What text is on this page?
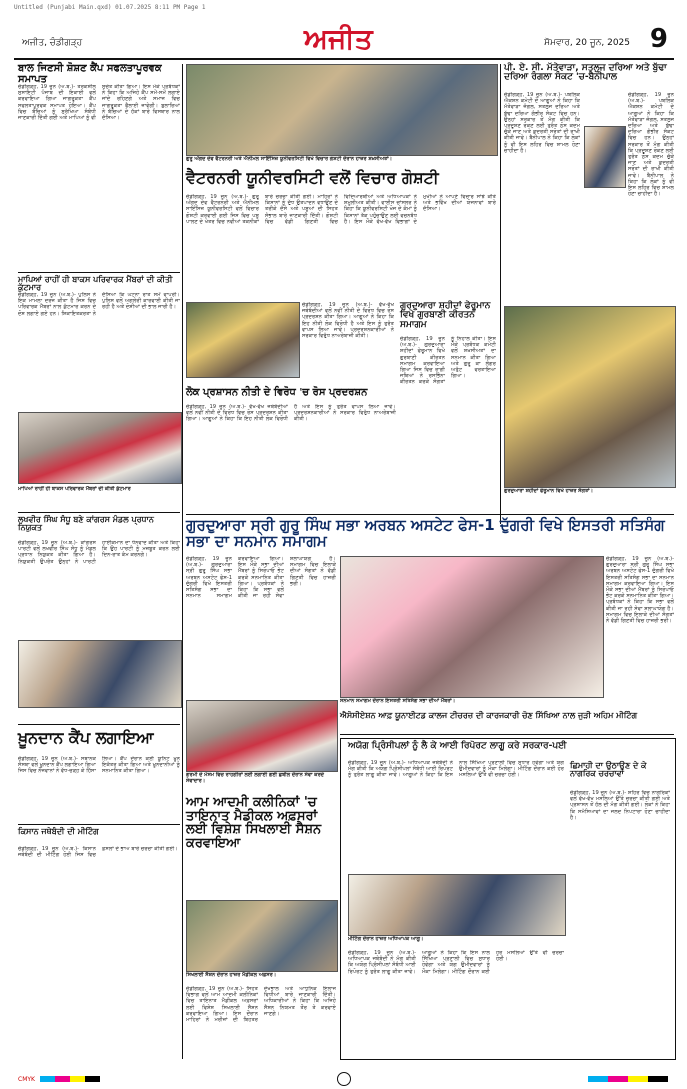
Untitled (Punjabi Main.qxd) 01.07.2025 8:11 PM Page 1
ਅਜੀਤ, ਚੰਡੀਗੜ੍ਹ	ਅਜੀਤ	ਸੋਮਵਾਰ, 20 ਜੂਨ, 2025 9
ਬਾਲ ਜਿਣਸੀ ਸ਼ੋਸ਼ਣ ਕੈਂਪ ਸਫਲਤਾਪੂਰਵਕ ਸਮਾਪਤ
ਚੰਡੀਗੜ੍ਹ, 19 ਜੂਨ (ਅ.ਬ.)- ਤਰਕਸ਼ੀਲ ਸੁਸਾਇਟੀ ਪੰਜਾਬ ਦੀ ਇਕਾਈ ਵਲੋਂ ਕਰਵਾਇਆ ਗਿਆ ਜਾਗਰੂਕਤਾ ਕੈਂਪ ਸਫਲਤਾਪੂਰਵਕ ਸਮਾਪਤ ਹੋਇਆ। ਕੈਂਪ ਵਿਚ ਬੱਚਿਆਂ ਨੂੰ ਸੁਰੱਖਿਆ ਸੰਬੰਧੀ ਜਾਣਕਾਰੀ ਦਿੱਤੀ ਗਈ ਅਤੇ ਮਾਪਿਆਂ ਨੂੰ ਵੀ ਸੁਚੇਤ ਕੀਤਾ ਗਿਆ। ਇਸ ਮੌਕੇ ਪ੍ਰਬੰਧਕਾਂ ਨੇ ਕਿਹਾ ਕਿ ਅਜਿਹੇ ਕੈਂਪ ਸਮੇਂ-ਸਮੇਂ ਲਗਾਏ ਜਾਂਦੇ ਰਹਿਣਗੇ ਅਤੇ ਸਮਾਜ ਵਿਚ ਜਾਗਰੂਕਤਾ ਫੈਲਾਈ ਜਾਵੇਗੀ। ਬੁਲਾਰਿਆਂ ਨੇ ਬੱਚਿਆਂ ਦੇ ਹੱਕਾਂ ਬਾਰੇ ਵਿਸਥਾਰ ਨਾਲ ਦੱਸਿਆ।
ਮਾਪਿਆਂ ਰਾਹੀਂ ਹੀ ਬਾਕਸ ਪਰਿਵਾਰਕ ਮੈਂਬਰਾਂ ਦੀ ਕੀਤੀ ਕੁੱਟਮਾਰ
ਚੰਡੀਗੜ੍ਹ, 19 ਜੂਨ (ਅ.ਬ.)- ਪੁਲਿਸ ਨੇ ਇਕ ਮਾਮਲਾ ਦਰਜ ਕੀਤਾ ਹੈ ਜਿਸ ਵਿਚ ਪਰਿਵਾਰਕ ਮੈਂਬਰਾਂ ਨਾਲ ਕੁੱਟਮਾਰ ਕਰਨ ਦੇ ਦੋਸ਼ ਲਗਾਏ ਗਏ ਹਨ। ਸ਼ਿਕਾਇਤਕਰਤਾ ਨੇ ਦੱਸਿਆ ਕਿ ਘਟਨਾ ਰਾਤ ਸਮੇਂ ਵਾਪਰੀ। ਪੁਲਿਸ ਵਲੋਂ ਅਗਲੇਰੀ ਕਾਰਵਾਈ ਕੀਤੀ ਜਾ ਰਹੀ ਹੈ ਅਤੇ ਦੋਸ਼ੀਆਂ ਦੀ ਭਾਲ ਜਾਰੀ ਹੈ।
ਮਾਪਿਆਂ ਰਾਹੀਂ ਹੀ ਬਾਕਸ ਪਰਿਵਾਰਕ ਮੈਂਬਰਾਂ ਦੀ ਕੀਤੀ ਕੁੱਟਮਾਰ
ਲਖਵੀਰ ਸਿੰਘ ਸੰਧੂ ਬਣੇ ਕਾਂਗਰਸ ਮੰਡਲ ਪ੍ਰਧਾਨ ਨਿਯੁਕਤ
ਚੰਡੀਗੜ੍ਹ, 19 ਜੂਨ (ਅ.ਬ.)- ਕਾਂਗਰਸ ਪਾਰਟੀ ਵਲੋਂ ਲਖਵੀਰ ਸਿੰਘ ਸੰਧੂ ਨੂੰ ਮੰਡਲ ਪ੍ਰਧਾਨ ਨਿਯੁਕਤ ਕੀਤਾ ਗਿਆ ਹੈ। ਨਿਯੁਕਤੀ ਉਪਰੰਤ ਉਨ੍ਹਾਂ ਨੇ ਪਾਰਟੀ ਹਾਈਕਮਾਨ ਦਾ ਧੰਨਵਾਦ ਕੀਤਾ ਅਤੇ ਕਿਹਾ ਕਿ ਉਹ ਪਾਰਟੀ ਨੂੰ ਮਜ਼ਬੂਤ ਕਰਨ ਲਈ ਦਿਨ-ਰਾਤ ਕੰਮ ਕਰਨਗੇ।
ਖ਼ੂਨਦਾਨ ਕੈਂਪ ਲਗਾਇਆ
ਚੰਡੀਗੜ੍ਹ, 19 ਜੂਨ (ਅ.ਬ.)- ਸਥਾਨਕ ਸੰਸਥਾ ਵਲੋਂ ਖ਼ੂਨਦਾਨ ਕੈਂਪ ਲਗਾਇਆ ਗਿਆ ਜਿਸ ਵਿਚ ਨੌਜਵਾਨਾਂ ਨੇ ਵੱਧ-ਚੜ੍ਹ ਕੇ ਹਿੱਸਾ ਲਿਆ। ਕੈਂਪ ਦੌਰਾਨ ਕਈ ਯੂਨਿਟ ਖ਼ੂਨ ਇਕੱਤਰ ਕੀਤਾ ਗਿਆ ਅਤੇ ਖ਼ੂਨਦਾਨੀਆਂ ਨੂੰ ਸਨਮਾਨਿਤ ਕੀਤਾ ਗਿਆ।
ਕਿਸਾਨ ਜਥੇਬੰਦੀ ਦੀ ਮੀਟਿੰਗ
ਚੰਡੀਗੜ੍ਹ, 19 ਜੂਨ (ਅ.ਬ.)- ਕਿਸਾਨ ਜਥੇਬੰਦੀ ਦੀ ਮੀਟਿੰਗ ਹੋਈ ਜਿਸ ਵਿਚ ਫ਼ਸਲਾਂ ਦੇ ਭਾਅ ਬਾਰੇ ਚਰਚਾ ਕੀਤੀ ਗਈ।
ਗੁਰੂ ਅੰਗਦ ਦੇਵ ਵੈਟਰਨਰੀ ਅਤੇ ਐਨੀਮਲ ਸਾਇੰਸਿਜ਼ ਯੂਨੀਵਰਸਿਟੀ ਵਿਖੇ ਵਿਚਾਰ ਗੋਸ਼ਟੀ ਦੌਰਾਨ ਹਾਜ਼ਰ ਸ਼ਖ਼ਸੀਅਤਾਂ।
ਵੈਟਰਨਰੀ ਯੂਨੀਵਰਸਿਟੀ ਵਲੋਂ ਵਿਚਾਰ ਗੋਸ਼ਟੀ
ਚੰਡੀਗੜ੍ਹ, 19 ਜੂਨ (ਅ.ਬ.)- ਗੁਰੂ ਅੰਗਦ ਦੇਵ ਵੈਟਰਨਰੀ ਅਤੇ ਐਨੀਮਲ ਸਾਇੰਸਿਜ਼ ਯੂਨੀਵਰਸਿਟੀ ਵਲੋਂ ਵਿਚਾਰ ਗੋਸ਼ਟੀ ਕਰਵਾਈ ਗਈ ਜਿਸ ਵਿਚ ਪਸ਼ੂ ਪਾਲਣ ਦੇ ਖੇਤਰ ਵਿਚ ਨਵੀਆਂ ਤਕਨੀਕਾਂ ਬਾਰੇ ਚਰਚਾ ਕੀਤੀ ਗਈ। ਮਾਹਿਰਾਂ ਨੇ ਕਿਸਾਨਾਂ ਨੂੰ ਦੁੱਧ ਉਤਪਾਦਨ ਵਧਾਉਣ ਦੇ ਤਰੀਕੇ ਦੱਸੇ ਅਤੇ ਪਸ਼ੂਆਂ ਦੀ ਸਿਹਤ ਸੰਭਾਲ ਬਾਰੇ ਜਾਣਕਾਰੀ ਦਿੱਤੀ। ਗੋਸ਼ਟੀ ਵਿਚ ਵੱਡੀ ਗਿਣਤੀ ਵਿਚ ਵਿਦਿਆਰਥੀਆਂ ਅਤੇ ਅਧਿਆਪਕਾਂ ਨੇ ਸ਼ਮੂਲੀਅਤ ਕੀਤੀ। ਵਾਈਸ ਚਾਂਸਲਰ ਨੇ ਕਿਹਾ ਕਿ ਯੂਨੀਵਰਸਿਟੀ ਖੋਜ ਦੇ ਕੰਮਾਂ ਨੂੰ ਕਿਸਾਨਾਂ ਤੱਕ ਪਹੁੰਚਾਉਣ ਲਈ ਵਚਨਬੱਧ ਹੈ। ਇਸ ਮੌਕੇ ਵੱਖ-ਵੱਖ ਵਿਭਾਗਾਂ ਦੇ ਮੁਖੀਆਂ ਨੇ ਆਪਣੇ ਵਿਚਾਰ ਸਾਂਝੇ ਕੀਤੇ ਅਤੇ ਭਵਿੱਖ ਦੀਆਂ ਯੋਜਨਾਵਾਂ ਬਾਰੇ ਦੱਸਿਆ।
ਚੰਡੀਗੜ੍ਹ, 19 ਜੂਨ (ਅ.ਬ.)- ਵੱਖ-ਵੱਖ ਜਥੇਬੰਦੀਆਂ ਵਲੋਂ ਨਵੀਂ ਨੀਤੀ ਦੇ ਵਿਰੋਧ ਵਿਚ ਰੋਸ ਪ੍ਰਦਰਸ਼ਨ ਕੀਤਾ ਗਿਆ। ਆਗੂਆਂ ਨੇ ਕਿਹਾ ਕਿ ਇਹ ਨੀਤੀ ਲੋਕ ਵਿਰੋਧੀ ਹੈ ਅਤੇ ਇਸ ਨੂੰ ਤੁਰੰਤ ਵਾਪਸ ਲਿਆ ਜਾਵੇ। ਪ੍ਰਦਰਸ਼ਨਕਾਰੀਆਂ ਨੇ ਸਰਕਾਰ ਵਿਰੁੱਧ ਨਾਅਰੇਬਾਜ਼ੀ ਕੀਤੀ।
ਲੋਕ ਪ੍ਰਸ਼ਾਸਨ ਨੀਤੀ ਦੇ ਵਿਰੋਧ 'ਚ ਰੋਸ ਪ੍ਰਦਰਸ਼ਨ
ਚੰਡੀਗੜ੍ਹ, 19 ਜੂਨ (ਅ.ਬ.)- ਵੱਖ-ਵੱਖ ਜਥੇਬੰਦੀਆਂ ਵਲੋਂ ਨਵੀਂ ਨੀਤੀ ਦੇ ਵਿਰੋਧ ਵਿਚ ਰੋਸ ਪ੍ਰਦਰਸ਼ਨ ਕੀਤਾ ਗਿਆ। ਆਗੂਆਂ ਨੇ ਕਿਹਾ ਕਿ ਇਹ ਨੀਤੀ ਲੋਕ ਵਿਰੋਧੀ ਹੈ ਅਤੇ ਇਸ ਨੂੰ ਤੁਰੰਤ ਵਾਪਸ ਲਿਆ ਜਾਵੇ। ਪ੍ਰਦਰਸ਼ਨਕਾਰੀਆਂ ਨੇ ਸਰਕਾਰ ਵਿਰੁੱਧ ਨਾਅਰੇਬਾਜ਼ੀ ਕੀਤੀ।
ਗੁਰਦੁਆਰਾ ਸ਼ਹੀਦਾਂ ਫੇਰੂਮਾਨ ਵਿਖੇ ਗੁਰਬਾਣੀ ਕੀਰਤਨ ਸਮਾਗਮ
ਚੰਡੀਗੜ੍ਹ, 19 ਜੂਨ (ਅ.ਬ.)- ਗੁਰਦੁਆਰਾ ਸ਼ਹੀਦਾਂ ਫੇਰੂਮਾਨ ਵਿਖੇ ਗੁਰਬਾਣੀ ਕੀਰਤਨ ਸਮਾਗਮ ਕਰਵਾਇਆ ਗਿਆ ਜਿਸ ਵਿਚ ਰਾਗੀ ਜਥਿਆਂ ਨੇ ਰਸਭਿੰਨਾ ਕੀਰਤਨ ਕਰਕੇ ਸੰਗਤਾਂ ਨੂੰ ਨਿਹਾਲ ਕੀਤਾ। ਇਸ ਮੌਕੇ ਪ੍ਰਬੰਧਕ ਕਮੇਟੀ ਵਲੋਂ ਸ਼ਖ਼ਸੀਅਤਾਂ ਦਾ ਸਨਮਾਨ ਕੀਤਾ ਗਿਆ ਅਤੇ ਗੁਰੂ ਕਾ ਲੰਗਰ ਅਤੁੱਟ ਵਰਤਾਇਆ ਗਿਆ।
ਪੀ. ਏ. ਸੀ. ਮੱਤੇਵਾੜਾ, ਸਤਲੁਜ ਦਰਿਆ ਅਤੇ ਬੁੱਢਾ ਦਰਿਆ ਰੰਗਲਾ ਸੰਕਟ 'ਚ-ਬੈਨੀਪਾਲ
ਚੰਡੀਗੜ੍ਹ, 19 ਜੂਨ (ਅ.ਬ.)- ਪਬਲਿਕ ਐਕਸ਼ਨ ਕਮੇਟੀ ਦੇ ਆਗੂਆਂ ਨੇ ਕਿਹਾ ਕਿ ਮੱਤੇਵਾੜਾ ਜੰਗਲ, ਸਤਲੁਜ ਦਰਿਆ ਅਤੇ ਬੁੱਢਾ ਦਰਿਆ ਗੰਭੀਰ ਸੰਕਟ ਵਿਚ ਹਨ। ਉਨ੍ਹਾਂ ਸਰਕਾਰ ਤੋਂ ਮੰਗ ਕੀਤੀ ਕਿ ਪ੍ਰਦੂਸ਼ਣ ਰੋਕਣ ਲਈ ਤੁਰੰਤ ਠੋਸ ਕਦਮ ਚੁੱਕੇ ਜਾਣ ਅਤੇ ਕੁਦਰਤੀ ਸਰੋਤਾਂ ਦੀ ਰਾਖੀ ਕੀਤੀ ਜਾਵੇ। ਬੈਨੀਪਾਲ ਨੇ ਕਿਹਾ ਕਿ ਲੋਕਾਂ ਨੂੰ ਵੀ ਇਸ ਲਹਿਰ ਵਿਚ ਸ਼ਾਮਲ ਹੋਣਾ ਚਾਹੀਦਾ ਹੈ।
ਚੰਡੀਗੜ੍ਹ, 19 ਜੂਨ (ਅ.ਬ.)- ਪਬਲਿਕ ਐਕਸ਼ਨ ਕਮੇਟੀ ਦੇ ਆਗੂਆਂ ਨੇ ਕਿਹਾ ਕਿ ਮੱਤੇਵਾੜਾ ਜੰਗਲ, ਸਤਲੁਜ ਦਰਿਆ ਅਤੇ ਬੁੱਢਾ ਦਰਿਆ ਗੰਭੀਰ ਸੰਕਟ ਵਿਚ ਹਨ। ਉਨ੍ਹਾਂ ਸਰਕਾਰ ਤੋਂ ਮੰਗ ਕੀਤੀ ਕਿ ਪ੍ਰਦੂਸ਼ਣ ਰੋਕਣ ਲਈ ਤੁਰੰਤ ਠੋਸ ਕਦਮ ਚੁੱਕੇ ਜਾਣ ਅਤੇ ਕੁਦਰਤੀ ਸਰੋਤਾਂ ਦੀ ਰਾਖੀ ਕੀਤੀ ਜਾਵੇ। ਬੈਨੀਪਾਲ ਨੇ ਕਿਹਾ ਕਿ ਲੋਕਾਂ ਨੂੰ ਵੀ ਇਸ ਲਹਿਰ ਵਿਚ ਸ਼ਾਮਲ ਹੋਣਾ ਚਾਹੀਦਾ ਹੈ।
ਗੁਰਦੁਆਰਾ ਸ਼ਹੀਦਾਂ ਫੇਰੂਮਾਨ ਵਿਖੇ ਹਾਜ਼ਰ ਸੰਗਤਾਂ।
ਗੁਰਦੁਆਰਾ ਸ੍ਰੀ ਗੁਰੂ ਸਿੰਘ ਸਭਾ ਅਰਬਨ ਅਸਟੇਟ ਫੇਸ-1 ਦੁੱਗਰੀ ਵਿਖੇ ਇਸਤਰੀ ਸਤਿਸੰਗ ਸਭਾ ਦਾ ਸਨਮਾਨ ਸਮਾਗਮ
ਚੰਡੀਗੜ੍ਹ, 19 ਜੂਨ (ਅ.ਬ.)- ਗੁਰਦੁਆਰਾ ਸ੍ਰੀ ਗੁਰੂ ਸਿੰਘ ਸਭਾ ਅਰਬਨ ਅਸਟੇਟ ਫੇਸ-1 ਦੁੱਗਰੀ ਵਿਖੇ ਇਸਤਰੀ ਸਤਿਸੰਗ ਸਭਾ ਦਾ ਸਨਮਾਨ ਸਮਾਗਮ ਕਰਵਾਇਆ ਗਿਆ। ਇਸ ਮੌਕੇ ਸਭਾ ਦੀਆਂ ਮੈਂਬਰਾਂ ਨੂੰ ਸਿਰੋਪਾਓ ਭੇਟ ਕਰਕੇ ਸਨਮਾਨਿਤ ਕੀਤਾ ਗਿਆ। ਪ੍ਰਬੰਧਕਾਂ ਨੇ ਕਿਹਾ ਕਿ ਸਭਾ ਵਲੋਂ ਕੀਤੀ ਜਾ ਰਹੀ ਸੇਵਾ ਸ਼ਲਾਘਾਯੋਗ ਹੈ। ਸਮਾਗਮ ਵਿਚ ਇਲਾਕੇ ਦੀਆਂ ਸੰਗਤਾਂ ਨੇ ਵੱਡੀ ਗਿਣਤੀ ਵਿਚ ਹਾਜ਼ਰੀ ਭਰੀ।
ਚੰਡੀਗੜ੍ਹ, 19 ਜੂਨ (ਅ.ਬ.)- ਗੁਰਦੁਆਰਾ ਸ੍ਰੀ ਗੁਰੂ ਸਿੰਘ ਸਭਾ ਅਰਬਨ ਅਸਟੇਟ ਫੇਸ-1 ਦੁੱਗਰੀ ਵਿਖੇ ਇਸਤਰੀ ਸਤਿਸੰਗ ਸਭਾ ਦਾ ਸਨਮਾਨ ਸਮਾਗਮ ਕਰਵਾਇਆ ਗਿਆ। ਇਸ ਮੌਕੇ ਸਭਾ ਦੀਆਂ ਮੈਂਬਰਾਂ ਨੂੰ ਸਿਰੋਪਾਓ ਭੇਟ ਕਰਕੇ ਸਨਮਾਨਿਤ ਕੀਤਾ ਗਿਆ। ਪ੍ਰਬੰਧਕਾਂ ਨੇ ਕਿਹਾ ਕਿ ਸਭਾ ਵਲੋਂ ਕੀਤੀ ਜਾ ਰਹੀ ਸੇਵਾ ਸ਼ਲਾਘਾਯੋਗ ਹੈ। ਸਮਾਗਮ ਵਿਚ ਇਲਾਕੇ ਦੀਆਂ ਸੰਗਤਾਂ ਨੇ ਵੱਡੀ ਗਿਣਤੀ ਵਿਚ ਹਾਜ਼ਰੀ ਭਰੀ।
ਸਨਮਾਨ ਸਮਾਗਮ ਦੌਰਾਨ ਇਸਤਰੀ ਸਤਿਸੰਗ ਸਭਾ ਦੀਆਂ ਮੈਂਬਰਾਂ।
ਗਰਮੀ ਦੇ ਮੌਸਮ ਵਿਚ ਰਾਹਗੀਰਾਂ ਲਈ ਲਗਾਈ ਗਈ ਛਬੀਲ ਦੌਰਾਨ ਸੇਵਾ ਕਰਦੇ ਸੇਵਾਦਾਰ।
ਐਸੋਸੀਏਸ਼ਨ ਆਫ਼ ਯੂਨਾਈਟਡ ਕਾਲਜ ਟੀਚਰਜ਼ ਦੀ ਕਾਰਜਕਾਰੀ ਚੋਣ ਸਿੱਖਿਆ ਨਾਲ ਜੁੜੀ ਅਹਿਮ ਮੀਟਿੰਗ
ਅਯੋਗ ਪ੍ਰਿੰਸੀਪਲਾਂ ਨੂੰ ਲੈ ਕੇ ਆਈ ਰਿਪੋਰਟ ਲਾਗੂ ਕਰੇ ਸਰਕਾਰ-ਪਈ
ਚੰਡੀਗੜ੍ਹ, 19 ਜੂਨ (ਅ.ਬ.)- ਅਧਿਆਪਕ ਜਥੇਬੰਦੀ ਨੇ ਮੰਗ ਕੀਤੀ ਕਿ ਅਯੋਗ ਪ੍ਰਿੰਸੀਪਲਾਂ ਸੰਬੰਧੀ ਆਈ ਰਿਪੋਰਟ ਨੂੰ ਤੁਰੰਤ ਲਾਗੂ ਕੀਤਾ ਜਾਵੇ। ਆਗੂਆਂ ਨੇ ਕਿਹਾ ਕਿ ਇਸ ਨਾਲ ਸਿੱਖਿਆ ਪ੍ਰਣਾਲੀ ਵਿਚ ਸੁਧਾਰ ਹੋਵੇਗਾ ਅਤੇ ਯੋਗ ਉਮੀਦਵਾਰਾਂ ਨੂੰ ਮੌਕਾ ਮਿਲੇਗਾ। ਮੀਟਿੰਗ ਦੌਰਾਨ ਕਈ ਹੋਰ ਮਸਲਿਆਂ ਉੱਤੇ ਵੀ ਚਰਚਾ ਹੋਈ।
ਮੀਟਿੰਗ ਦੌਰਾਨ ਹਾਜ਼ਰ ਅਧਿਆਪਕ ਆਗੂ।
ਚੰਡੀਗੜ੍ਹ, 19 ਜੂਨ (ਅ.ਬ.)- ਅਧਿਆਪਕ ਜਥੇਬੰਦੀ ਨੇ ਮੰਗ ਕੀਤੀ ਕਿ ਅਯੋਗ ਪ੍ਰਿੰਸੀਪਲਾਂ ਸੰਬੰਧੀ ਆਈ ਰਿਪੋਰਟ ਨੂੰ ਤੁਰੰਤ ਲਾਗੂ ਕੀਤਾ ਜਾਵੇ। ਆਗੂਆਂ ਨੇ ਕਿਹਾ ਕਿ ਇਸ ਨਾਲ ਸਿੱਖਿਆ ਪ੍ਰਣਾਲੀ ਵਿਚ ਸੁਧਾਰ ਹੋਵੇਗਾ ਅਤੇ ਯੋਗ ਉਮੀਦਵਾਰਾਂ ਨੂੰ ਮੌਕਾ ਮਿਲੇਗਾ। ਮੀਟਿੰਗ ਦੌਰਾਨ ਕਈ ਹੋਰ ਮਸਲਿਆਂ ਉੱਤੇ ਵੀ ਚਰਚਾ ਹੋਈ।
ਛਿਮਾਹੀ ਦਾ ਉਠਾਉਣ ਦੇ ਕੇ ਨਾਗਰਿਕ ਚਰਚਾਵਾਂ
ਚੰਡੀਗੜ੍ਹ, 19 ਜੂਨ (ਅ.ਬ.)- ਸ਼ਹਿਰ ਵਿਚ ਨਾਗਰਿਕਾਂ ਵਲੋਂ ਵੱਖ-ਵੱਖ ਮਸਲਿਆਂ ਉੱਤੇ ਚਰਚਾ ਕੀਤੀ ਗਈ ਅਤੇ ਪ੍ਰਸ਼ਾਸਨ ਤੋਂ ਹੱਲ ਦੀ ਮੰਗ ਕੀਤੀ ਗਈ। ਲੋਕਾਂ ਨੇ ਕਿਹਾ ਕਿ ਸਮੱਸਿਆਵਾਂ ਦਾ ਜਲਦ ਨਿਪਟਾਰਾ ਹੋਣਾ ਚਾਹੀਦਾ ਹੈ।
ਆਮ ਆਦਮੀ ਕਲੀਨਿਕਾਂ 'ਚ ਤਾਇਨਾਤ ਮੈਡੀਕਲ ਅਫ਼ਸਰਾਂ ਲਈ ਵਿਸ਼ੇਸ਼ ਸਿਖਲਾਈ ਸੈਸ਼ਨ ਕਰਵਾਇਆ
ਸਿਖਲਾਈ ਸੈਸ਼ਨ ਦੌਰਾਨ ਹਾਜ਼ਰ ਮੈਡੀਕਲ ਅਫ਼ਸਰ।
ਚੰਡੀਗੜ੍ਹ, 19 ਜੂਨ (ਅ.ਬ.)- ਸਿਹਤ ਵਿਭਾਗ ਵਲੋਂ ਆਮ ਆਦਮੀ ਕਲੀਨਿਕਾਂ ਵਿਚ ਤਾਇਨਾਤ ਮੈਡੀਕਲ ਅਫ਼ਸਰਾਂ ਲਈ ਵਿਸ਼ੇਸ਼ ਸਿਖਲਾਈ ਸੈਸ਼ਨ ਕਰਵਾਇਆ ਗਿਆ। ਇਸ ਦੌਰਾਨ ਮਾਹਿਰਾਂ ਨੇ ਮਰੀਜ਼ਾਂ ਦੀ ਬਿਹਤਰ ਦੇਖਭਾਲ ਅਤੇ ਆਧੁਨਿਕ ਇਲਾਜ ਵਿਧੀਆਂ ਬਾਰੇ ਜਾਣਕਾਰੀ ਦਿੱਤੀ। ਅਧਿਕਾਰੀਆਂ ਨੇ ਕਿਹਾ ਕਿ ਅਜਿਹੇ ਸੈਸ਼ਨ ਨਿਯਮਤ ਤੌਰ ਤੇ ਕਰਵਾਏ ਜਾਣਗੇ।
CMYK
